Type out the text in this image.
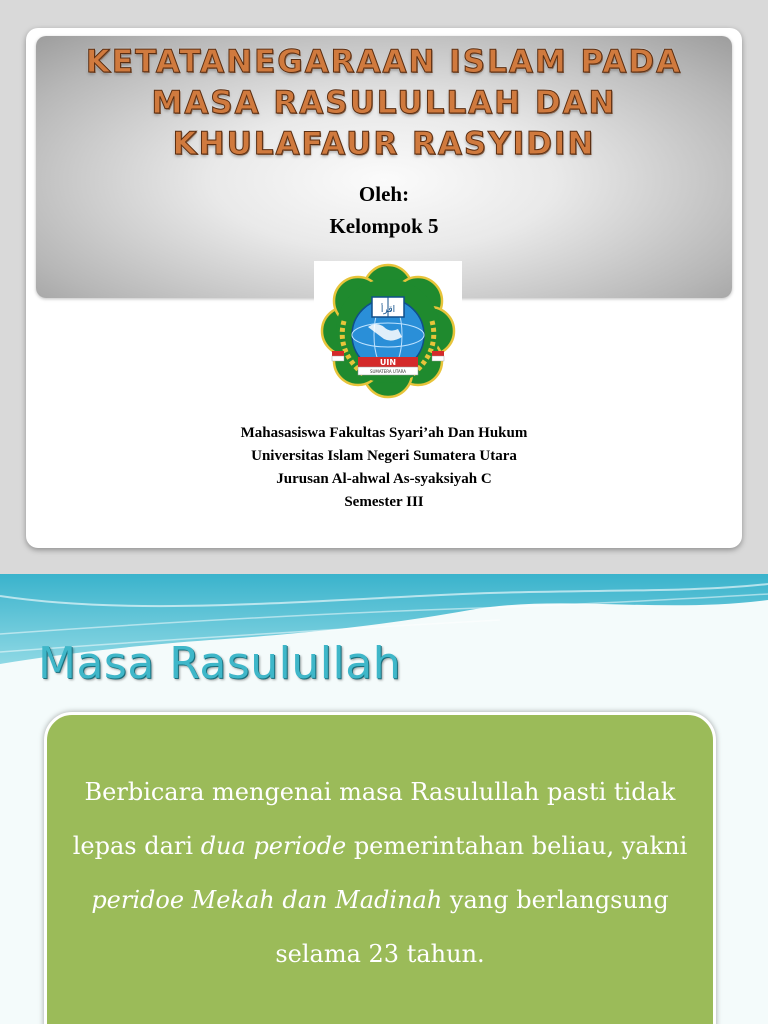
KETATANEGARAAN ISLAM PADA
MASA RASULULLAH DAN
KHULAFAUR RASYIDIN
Oleh:
Kelompok 5
اقرأ
UIN
SUMATERA UTARA
Mahasasiswa Fakultas Syari’ah Dan Hukum
Universitas Islam Negeri Sumatera Utara
Jurusan Al-ahwal As-syaksiyah C
Semester III
Masa Rasulullah

Berbicara mengenai masa Rasulullah pasti tidak lepas dari dua periode pemerintahan beliau, yakni peridoe Mekah dan Madinah yang berlangsung selama 23 tahun.
